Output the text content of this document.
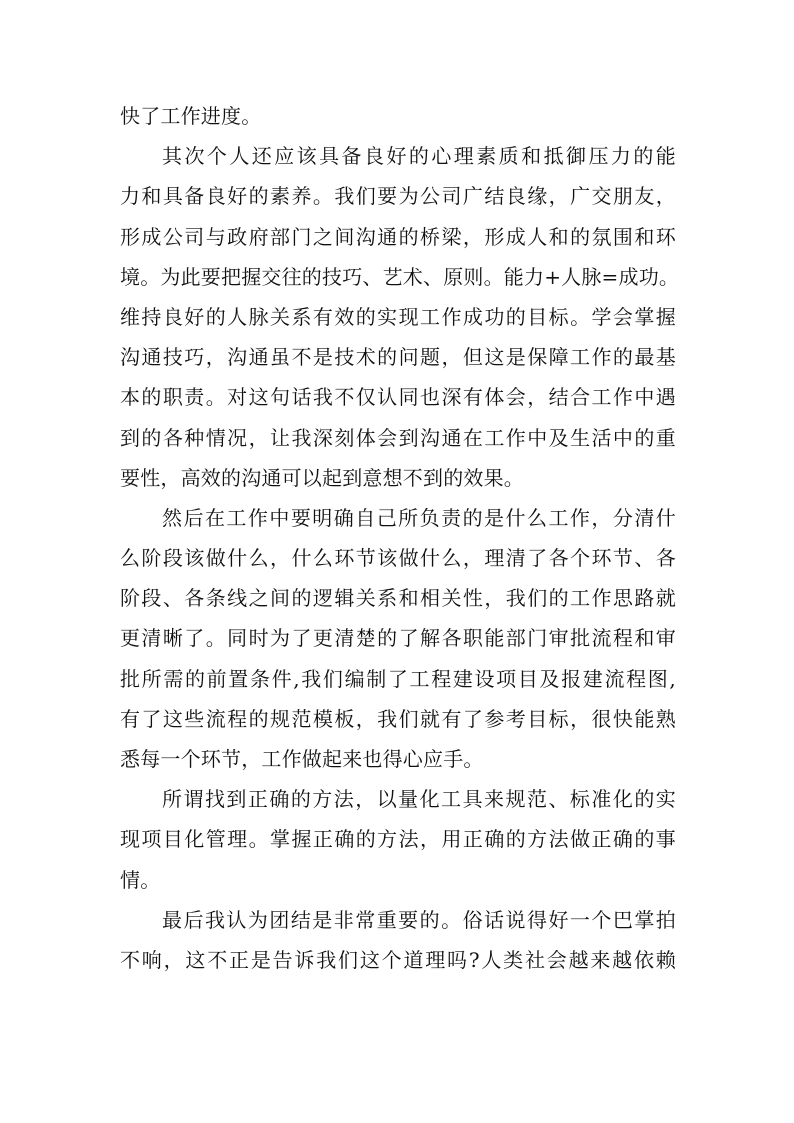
快了工作进度。
其次个人还应该具备良好的心理素质和抵御压力的能
力和具备良好的素养。我们要为公司广结良缘，广交朋友，
形成公司与政府部门之间沟通的桥梁，形成人和的氛围和环
境。为此要把握交往的技巧、艺术、原则。能力+人脉=成功。
维持良好的人脉关系有效的实现工作成功的目标。学会掌握
沟通技巧，沟通虽不是技术的问题，但这是保障工作的最基
本的职责。对这句话我不仅认同也深有体会，结合工作中遇
到的各种情况，让我深刻体会到沟通在工作中及生活中的重
要性，高效的沟通可以起到意想不到的效果。
然后在工作中要明确自己所负责的是什么工作，分清什
么阶段该做什么，什么环节该做什么，理清了各个环节、各
阶段、各条线之间的逻辑关系和相关性，我们的工作思路就
更清晰了。同时为了更清楚的了解各职能部门审批流程和审
批所需的前置条件,我们编制了工程建设项目及报建流程图,
有了这些流程的规范模板，我们就有了参考目标，很快能熟
悉每一个环节，工作做起来也得心应手。
所谓找到正确的方法，以量化工具来规范、标准化的实
现项目化管理。掌握正确的方法，用正确的方法做正确的事
情。
最后我认为团结是非常重要的。俗话说得好一个巴掌拍
不响，这不正是告诉我们这个道理吗?人类社会越来越依赖
